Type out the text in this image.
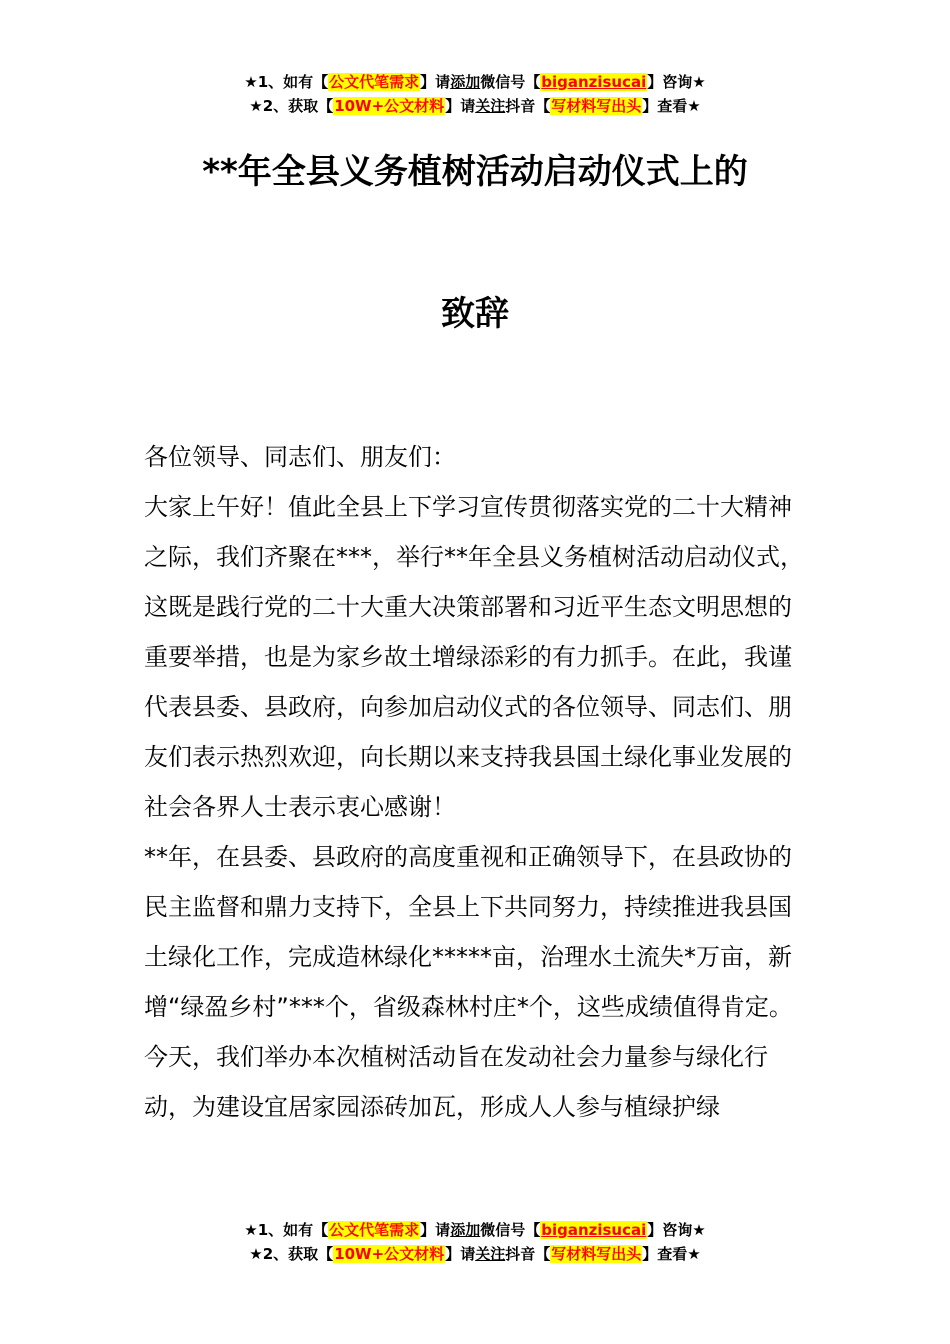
★1、如有【公文代笔需求】请添加微信号【biganzisucai】咨询★
★2、获取【10W+公文材料】请关注抖音【写材料写出头】查看★
**年全县义务植树活动启动仪式上的
致辞

各位领导、同志们、朋友们：

大家上午好！值此全县上下学习宣传贯彻落实党的二十大精神之际，我们齐聚在***，举行**年全县义务植树活动启动仪式，这既是践行党的二十大重大决策部署和习近平生态文明思想的重要举措，也是为家乡故土增绿添彩的有力抓手。在此，我谨代表县委、县政府，向参加启动仪式的各位领导、同志们、朋友们表示热烈欢迎，向长期以来支持我县国土绿化事业发展的社会各界人士表示衷心感谢！

**年，在县委、县政府的高度重视和正确领导下，在县政协的民主监督和鼎力支持下，全县上下共同努力，持续推进我县国土绿化工作，完成造林绿化*****亩，治理水土流失*万亩，新增“绿盈乡村”***个，省级森林村庄*个，这些成绩值得肯定。

今天，我们举办本次植树活动旨在发动社会力量参与绿化行动，为建设宜居家园添砖加瓦，形成人人参与植绿护绿

★1、如有【公文代笔需求】请添加微信号【biganzisucai】咨询★
★2、获取【10W+公文材料】请关注抖音【写材料写出头】查看★
